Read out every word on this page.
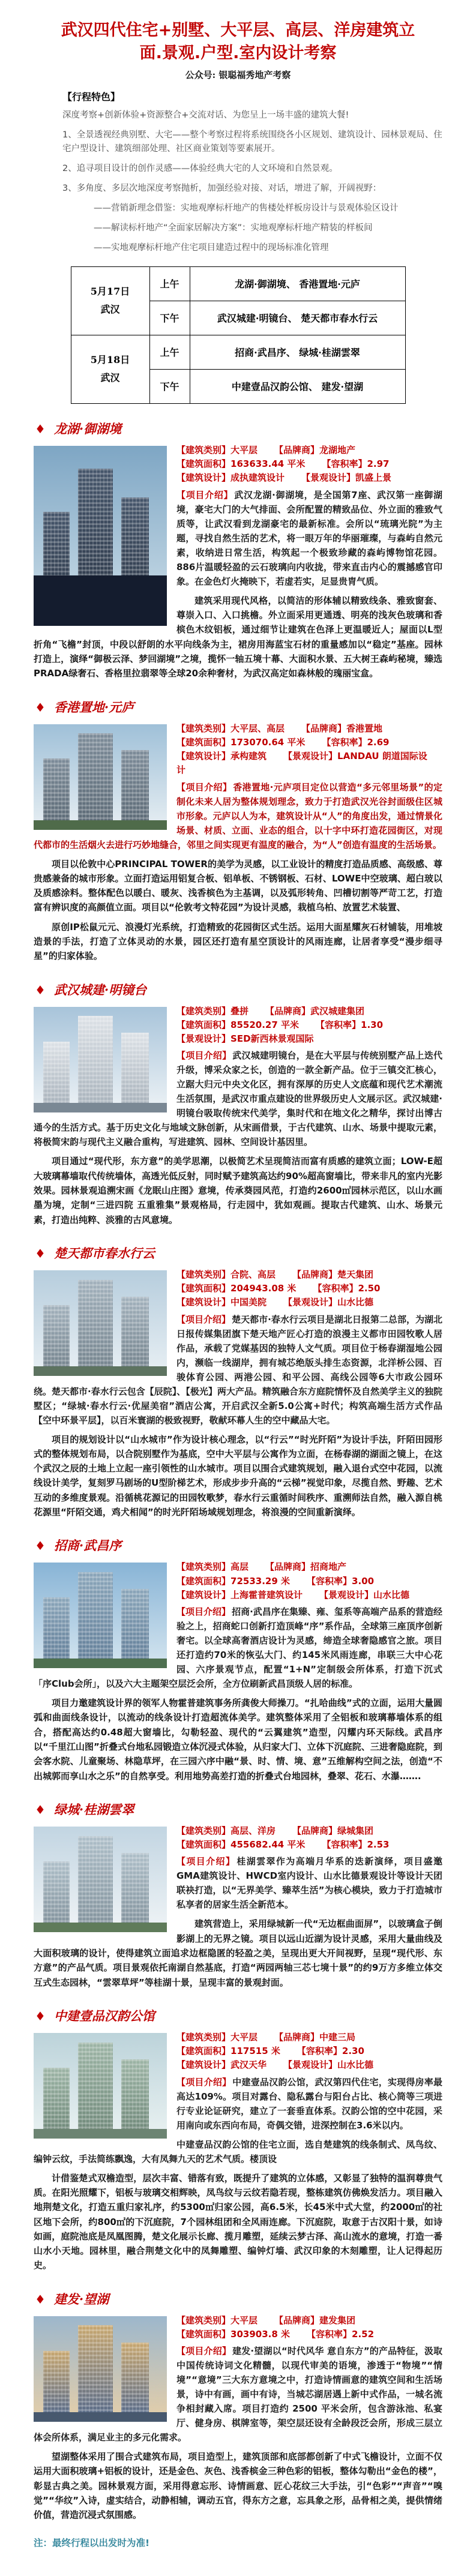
武汉四代住宅+别墅、大平层、高层、洋房建筑立面.景观.户型.室内设计考察
公众号: 银聪福秀地产考察
【行程特色】

深度考察+创新体验+资源整合+交流对话、为您呈上一场丰盛的建筑大餐!

1、全景透视经典别墅、大宅——整个考察过程将系统围绕各小区规划、建筑设计、园林景观局、住宅户型设计、建筑细部处理、社区商业策划等要素展开。

2、追寻项目设计的创作灵感——体验经典大宅的人文环境和自然景观。

3、多角度、多层次地深度考察抛析，加强经验对接、对话，增进了解，开阔视野：

——营销新理念借鉴：实地观摩标杆地产的售楼处样板房设计与景观体验区设计

——解读标杆地产“全面家居解决方案”：实地观摩标杆地产精装的样板间

——实地观摩标杆地产住宅项目建造过程中的现场标准化管理

5月17日
武汉	上午	龙湖·御湖境、 香港置地·元庐
	下午	武汉城建·明镜台、 楚天都市春水行云

5月18日
武汉	上午	招商·武昌序、 绿城·桂湖雲翠
	下午	中建壹品汉韵公馆、 建发·望湖
♦ 龙湖·御湖境

【建筑类别】大平层 【品牌商】龙湖地产
【建筑面积】163633.44 平米 【容积率】2.97
【建筑设计】成执建筑设计 【景观设计】凯盛上景

【项目介绍】 武汉龙湖·御湖境，是全国第7座、武汉第一座御湖境，豪宅大门的大气排面、会所配置的精致品位、外立面的雅致气质等，让武汉看到龙湖豪宅的最新标准。会所以“琉璃光院”为主题，寻找自然生活的艺术，将一眼万年的华丽璀璨，与森屿自然元素，收纳进日常生活，构筑起一个极致珍藏的森屿博物馆花园。886片温暖轻盈的云石玻璃向内收拢，带来直击内心的震撼感官印象。在金色灯火掩映下，若虚若实，足显贵胄气质。

建筑采用现代风格，以简洁的形体辅以精致线条、雅致窗套、尊崇入口、入口挑檐。外立面采用更通透、明亮的浅灰色玻璃和香槟色木纹铝板，通过细节让建筑在色泽上更温暖近人；屋面以L型折角“飞檐”封顶，中段以舒朗的水平向线条为主，裙房用海蓝宝石材的重量感加以“稳定”基座。园林打造上，演绎“御极云泽、梦回湖境”之境，揽怀一轴五境十幕、大面积水景、五大树王森屿秘境，臻选PRADA绿奢石、香格里拉翡翠等全球20余种奢材，为武汉高定如森林般的瑰丽宝盒。

♦ 香港置地·元庐

【建筑类别】大平层、高层 【品牌商】香港置地
【建筑面积】173070.64 平米 【容积率】2.69
【建筑设计】承构建筑 【景观设计】LANDAU 朗道国际设计

【项目介绍】 香港置地·元庐项目定位以营造“多元邻里场景”的定制化未来人居为整体规划理念，致力于打造武汉光谷封面级住区城市形象。元庐以人为本，建筑设计从“人”的角度出发，通过情景化场景、材质、立面、业态的组合，以十字中环打造花园街区，对现代都市的生活烟火去进行巧妙地缝合，邻里之间实现更有温度的融合，为“人”创造有温度的生活场景。

项目以伦敦中心PRINCIPAL TOWER的美学为灵感，以工业设计的精度打造品质感、高级感、尊贵感兼备的城市形象。立面打造运用铝复合板、铝单板、不锈钢板、石材、LOWE中空玻璃、超白玻以及质感涂料。整体配色以暖白、暖灰、浅香槟色为主基调，以及弧形转角、凹槽切割等严苛工艺，打造富有辨识度的高颜值立面。项目以“伦敦考文特花园”为设计灵感，栽植乌柏、放置艺术装置、

原创IP松鼠元元、浪漫灯光系统，打造精致的花园街区式生活。运用大面星耀灰石材铺装，用堆坡造景的手法，打造了立体灵动的水景，园区还打造有星空顶设计的风雨连廊，让居者享受“漫步细寻星”的归家体验。

♦ 武汉城建·明镜台

【建筑类别】叠拼 【品牌商】武汉城建集团
【建筑面积】85520.27 平米 【容积率】1.30
【景观设计】SED新西林景观国际

【项目介绍】 武汉城建明镜台，是在大平层与传统别墅产品上迭代升级，博采众家之长，创造的一款全新产品。位于三镇交汇核心，立踞大归元中央文化区，拥有深厚的历史人文底蕴和现代艺术潮流生活氛围，是武汉市重点建设的世界级历史人文展示区。武汉城建·明镜台吸取传统宋代美学，集时代和在地文化之精华，探讨出博古通今的生活方式。基于历史文化与地域文脉创新，从宋画借景，于古代建筑、山水、场景中提取元素，将极简宋韵与现代主义融合重构，写进建筑、园林、空间设计基因里。

项目通过“现代形，东方意”的美学思潮，以极简艺术呈现简洁而富有质感的建筑立面；LOW-E超大玻璃幕墙取代传统墙体，高透光低反射，同时赋予建筑高达约90%超高窗墙比，带来非凡的室内光影效果。园林景观追溯宋画《龙眠山庄图》意境，传承葵园风范，打造约2600㎡园林示范区，以山水画墨为境，定制“三进四院 五重雅集”景观格局，行走园中，犹如观画。提取古代建筑、山水、场景元素，打造出纯粹、淡雅的古风意境。

♦ 楚天都市春水行云

【建筑类别】合院、高层 【品牌商】楚天集团
【建筑面积】204943.08 米 【容积率】2.50
【建筑设计】中国美院 【景观设计】山水比德

【项目介绍】 楚天都市·春水行云项目是湖北日报第二总部，为湖北日报传媒集团旗下楚天地产匠心打造的浪漫主义都市田园牧歌人居作品，承载了党媒基因的独特人文气质。项目位于杨春湖湿地公园内，濒临一线湖岸，拥有城芯绝版头排生态资源，北洋桥公园、百骏体育公园、两港公园、和平公园、高线公园等6大市政公园环绕。楚天都市·春水行云包含【辰院】、【极光】两大产品。精筑融合东方庭院情怀及自然美学主义的独院墅区；“绿城·春水行云·优屋美宿”酒店公寓，开启武汉全新5.0公寓+时代；构筑高端生活方式作品【空中环景平层】，以百米寰湖的极致视野，敬献环幕人生的空中藏品大宅。

项目的规划设计以“山水城市”作为设计核心理念，以“行云”“时光阡陌”为设计手法，阡陌田园形式的整体规划布局，以合院别墅作为基底，空中大平层与公寓作为立面，在杨春湖的湖面之镜上，在这个武汉之辰的土地上立起一座引领性的山水城市。项目以围合式建筑规划，融入退台式空中花园，以流线设计美学，复刻罗马剧场的U型阶梯艺术，形成步步升高的“云梯”视觉印象，尽揽自然、野趣、艺术互动的多维度景观。沿循桃花源记的田园牧歌梦，春水行云重循时间秩序、重溯师法自然，融入源自桃花源里“阡陌交通，鸡犬相闻”的时光阡陌场域规划理念，将浪漫的空间重新演绎。

♦ 招商·武昌序

【建筑类别】高层 【品牌商】招商地产
【建筑面积】72533.29 米 【容积率】3.00
【建筑设计】上海霍普建筑设计 【景观设计】山水比德

【项目介绍】 招商·武昌序在集臻、雍、玺系等高端产品系的营造经验之上，招商蛇口创新打造顶峰“序”系作品，全球第三座顶序创新奢宅。以全球高奢酒店设计为灵感，缔造全球奢隐感官之旅。项目还打造约70米的恢弘大门、约145米风雨连廊，串联三大中心花园、六序景观节点，配置“1+N”定制级会所体系，打造下沉式「序Club会所」，以及六大主题架空层泛会所，全方位刷新武昌顶级人居的标准。

项目力邀建筑设计界的领军人物霍普建筑事务所龚俊大师操刀。“扎哈曲线”式的立面，运用大量圆弧和曲面线条设计，以流动的线条设计打造超流体美学。建筑整体采用了全铝板和玻璃幕墙体系的组合，搭配高达约0.48超大窗墙比，勾勒轻盈、现代的“云翼建筑”造型，闪耀内环天际线。武昌序以“千里江山图”折叠式台地私园锻造立体沉浸式体验，从归家大门、立体下沉庭院、三进奢隐庭院，到会客水院、儿童聚场、林隐草坪，在三园六序中融“景、时、情、境、意”五维解构空间之法，创造“不出城郭而享山水之乐”的自然享受。利用地势高差打造的折叠式台地园林，叠翠、花石、水瀑…….

♦ 绿城·桂湖雲翠

【建筑类别】高层、洋房 【品牌商】绿城集团
【建筑面积】455682.44 平米 【容积率】2.53

【项目介绍】 桂湖雲翠作为高端月华系的迭新演绎，项目盛邀GMA建筑设计、HWCD室内设计、山水比德景观设计等设计天团联袂打造，以“无界美学、臻萃生活”为核心模块，致力于打造城市私享者的居家生活全新范本。

建筑营造上，采用绿城新一代“无边框曲面屏”，以玻璃盒子倒影湖上的无界之镜。项目以远山近湖为设计灵感，采用大量曲线及大面积玻璃的设计，使得建筑立面追求边框隐匿的轻盈之美，呈现出更大开间视野，呈现“现代形、东方意”的产品气质。项目景观依托南湖自然基底，打造“两园两轴三芯七境十景”的约9万方多维立体交互式生态园林，“雲翠草坪”等桂湖十景，呈现丰富的景观封面。

♦ 中建壹品汉韵公馆

【建筑类别】大平层 【品牌商】中建三局
【建筑面积】117515 米 【容积率】2.30
【建筑设计】武汉天华 【景观设计】山水比德

【项目介绍】 中建壹品汉韵公馆，武汉第四代住宅，实现得房率最高达109%。项目对露台、隐私露台与阳台占比、核心筒等三项进行专业论证研究，建立了一套垂直体系。汉韵公馆的空中花园，采用南向或东西向布局，奇偶交错，进深控制在3.6米以内。

中建壹品汉韵公馆的住宅立面，选自楚建筑的线条制式、凤鸟纹、编钟云纹，手法简练飘逸，大有凤舞九天的艺术气质。楼顶设

计借鉴楚式双檐造型，层次丰富、错落有致，既提升了建筑的立体感，又彰显了独特的温润尊贵气质。在阳光照耀下，铝板与玻璃交相辉映，凤鸟纹与云纹若隐若现，整栋建筑仿佛焕发活力。项目融入地荆楚文化，打造五重归家礼序，约5300㎡归家公园，高6.5米，长45米中式大堂，约2000㎡的社区地下会所，约800㎡的下沉庭院，7个园林组团和全风雨连廊。下沉庭院，取意于古汉阳十景，如诗如画，庭院池底是凤凰图腾，楚文化展示长廊、揽月雕塑，延续云梦古泽、高山流水的意境，打造一番山水小天地。园林里，融合荆楚文化中的凤舞雕塑、编钟灯墙、武汉印象的木刻雕塑，让人记得起历史。

♦ 建发·望湖

【建筑类别】大平层 【品牌商】建发集团
【建筑面积】303903.8 米 【容积率】2.52

【项目介绍】 建发·望湖以“时代风华 意自东方”的产品特征，汲取中国传统诗词文化精髓，以现代审美的语境，渗透于“物境”“情境”“意境”三大东方意境之中，打造诗情画意的建筑空间和生活场景，诗中有画，画中有诗，当城芯湖居遇上新中式作品，一城名流争相封藏入席。项目打造约 2500 平米会所，包含游泳池、私宴厅、健身房、棋牌室等，架空层还设有全龄段泛会所，形成三层立体会所体系，满足业主的多元化需求。

望湖整体采用了围合式建筑布局，项目造型上，建筑顶部和底部都创新了中式飞檐设计，立面不仅运用大面积玻璃+铝板的设计，还是金色、灰色、浅香槟金三种色彩的铝板，整体勾勒出“金色的楼”，彰显古典之美。园林景观方面，采用得意忘形、诗情画意、匠心花纹三大手法，引“色彩”“声音”“嗅觉”“华纹”入诗，虚实结合，动静相辅，调动五官，得东方之意，忘具象之形，品骨相之美，提供情绪价值，营造沉浸式氛围感。

注：最终行程以出发时为准!
